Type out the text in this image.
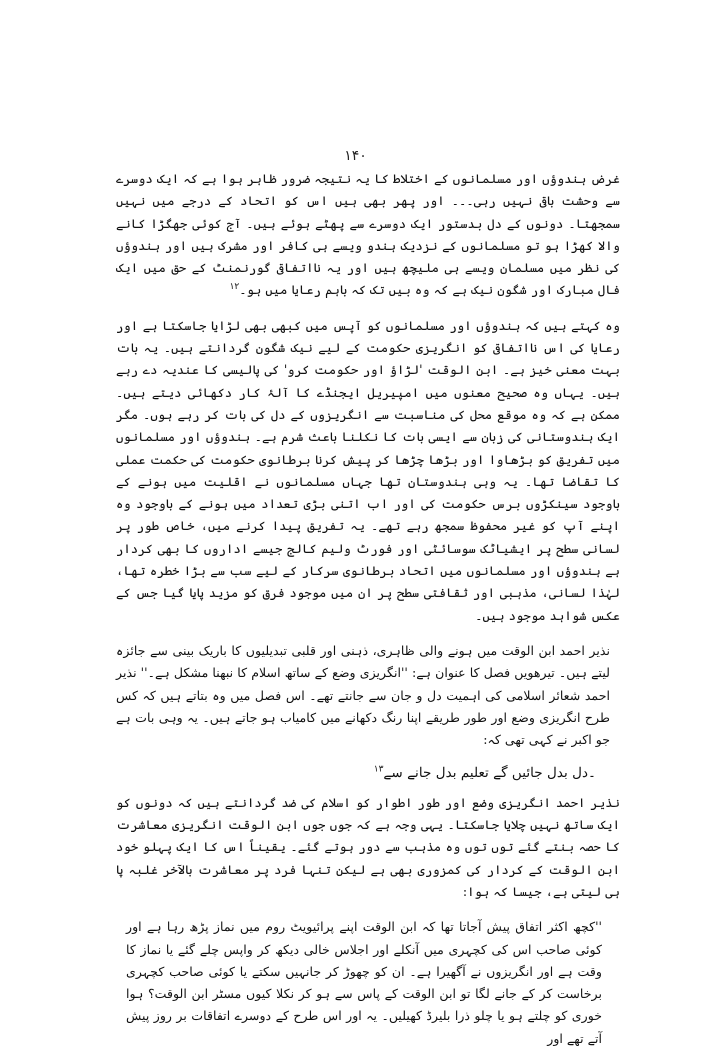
۱۴۰

غرض ہندوؤں اور مسلمانوں کے اختلاط کا یہ نتیجہ ضرور ظاہر ہوا ہے کہ ایک دوسرے سے وحشت باقی نہیں رہی۔۔۔ اور پھر بھی ہیں اس کو اتحاد کے درجے میں نہیں سمجھتا۔ دونوں کے دل بدستور ایک دوسرے سے پھٹے ہوئے ہیں۔ آج کوئی جھگڑا کانے والا کھڑا ہو تو مسلمانوں کے نزدیک ہندو ویسے ہی کافر اور مشرک ہیں اور ہندوؤں کی نظر میں مسلمان ویسے ہی ملیچھ ہیں اور یہ نااتفاقی گورنمنٹ کے حق میں ایک فال مبارک اور شگون نیک ہے کہ وہ بیں تک کہ باہم رعایا میں ہو۔$^{۱۲}$

وہ کہتے ہیں کہ ہندوؤں اور مسلمانوں کو آپس میں کبھی بھی لڑایا جاسکتا ہے اور رعایا کی اس نااتفاقی کو انگریزی حکومت کے لیے نیک شگون گردانتے ہیں۔ یہ بات بہت معنی خیز ہے۔ ابن الوقت 'لڑاؤ اور حکومت کرو' کی پالیسی کا عندیہ دے رہے ہیں۔ یہاں وہ صحیح معنوں میں امپیریل ایجنڈے کا آلۂ کار دکھائی دیتے ہیں۔ ممکن ہے کہ وہ موقع محل کی مناسبت سے انگریزوں کے دل کی بات کر رہے ہوں۔ مگر ایک ہندوستانی کی زبان سے ایسی بات کا نکلنا باعث شرم ہے۔ ہندوؤں اور مسلمانوں میں تفریق کو بڑھاوا اور بڑھا چڑھا کر پیش کرنا برطانوی حکومت کی حکمت عملی کا تقاضا تھا۔ یہ وہی ہندوستان تھا جہاں مسلمانوں نے اقلیت میں ہونے کے باوجود سینکڑوں برس حکومت کی اور اب اتنی بڑی تعداد میں ہونے کے باوجود وہ اپنے آپ کو غیر محفوظ سمجھ رہے تھے۔ یہ تفریق پیدا کرنے میں، خاص طور پر لسانی سطح پر ایشیاٹک سوسائٹی اور فورٹ ولیم کالج جیسے اداروں کا بھی کردار ہے ہندوؤں اور مسلمانوں میں اتحاد برطانوی سرکار کے لیے سب سے بڑا خطرہ تھا، لہٰذا لسانی، مذہبی اور ثقافتی سطح پر ان میں موجود فرق کو مزید پایا گیا جس کے عکس شواہد موجود ہیں۔

نذیر احمد ابن الوقت میں ہونے والی ظاہری، ذہنی اور قلبی تبدیلیوں کا باریک بینی سے جائزہ لیتے ہیں۔ تیرھویں فصل کا عنوان ہے: ''انگریزی وضع کے ساتھ اسلام کا نبھنا مشکل ہے۔'' نذیر احمد شعائر اسلامی کی اہمیت دل و جان سے جانتے تھے۔ اس فصل میں وہ بتاتے ہیں کہ کس طرح انگریزی وضع اور طور طریقے اپنا رنگ دکھانے میں کامیاب ہو جاتے ہیں۔ یہ وہی بات ہے جو اکبر نے کہی تھی کہ:

۔دل بدل جائیں گے تعلیم بدل جانے سے$^{۱۳}$

نذیر احمد انگریزی وضع اور طور اطوار کو اسلام کی ضد گردانتے ہیں کہ دونوں کو ایک ساتھ نہیں چلایا جاسکتا۔ یہی وجہ ہے کہ جوں جوں ابن الوقت انگریزی معاشرت کا حصہ بنتے گئے توں توں وہ مذہب سے دور ہوتے گئے۔ یقیناً اس کا ایک پہلو خود ابن الوقت کے کردار کی کمزوری بھی ہے لیکن تنہا فرد پر معاشرت بالآخر غلبہ پا ہی لیتی ہے، جیسا کہ ہوا:

''کچھ اکثر اتفاق پیش آجاتا تھا کہ ابن الوقت اپنے پرائیویٹ روم میں نماز پڑھ رہا ہے اور کوئی صاحب اس کی کچہری میں آنکلے اور اجلاس خالی دیکھ کر واپس چلے گئے یا نماز کا وقت ہے اور انگریزوں نے آگھیرا ہے۔ ان کو چھوڑ کر جانہیں سکتے یا کوئی صاحب کچہری برخاست کر کے جانے لگا تو ابن الوقت کے پاس سے ہو کر نکلا کیوں مسٹر ابن الوقت؟ ہوا خوری کو چلتے ہو یا چلو ذرا بلیرڈ کھیلیں۔ یہ اور اس طرح کے دوسرے اتفاقات بر روز پیش آتے تھے اور
